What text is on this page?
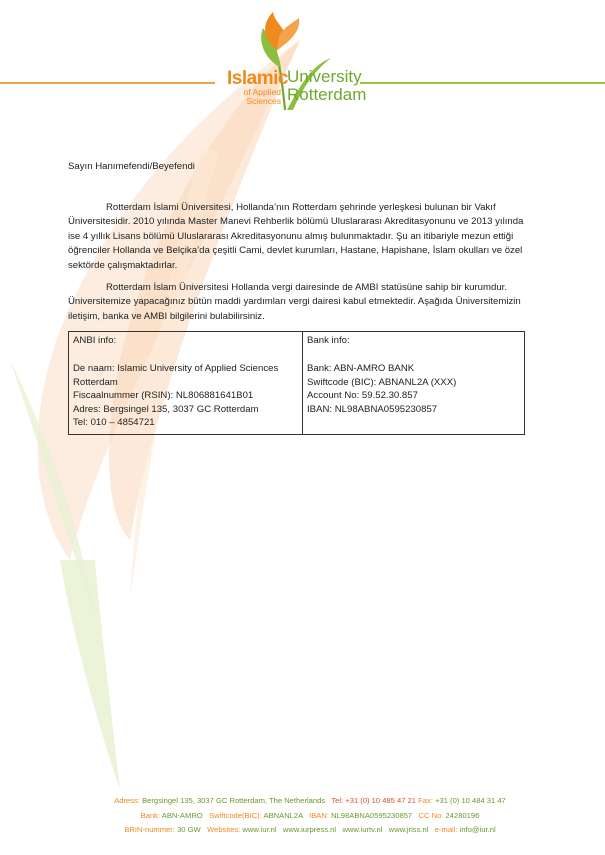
Islamic
of Applied
Sciences
University
Rotterdam

Sayın Hanımefendi/Beyefendi

Rotterdam İslami Üniversitesi, Hollanda’nın Rotterdam şehrinde yerleşkesi bulunan bir Vakıf Üniversitesidir. 2010 yılında Master Manevi Rehberlik bölümü Uluslararası Akreditasyonunu ve 2013 yılında ise 4 yıllık Lisans bölümü Uluslararası Akreditasyonunu almış bulunmaktadır. Şu an itibariyle mezun ettiği öğrenciler Hollanda ve Belçika’da çeşitli Cami, devlet kurumları, Hastane, Hapishane, İslam okulları ve özel sektörde çalışmaktadırlar.

Rotterdam İslam Üniversitesi Hollanda vergi dairesinde de AMBI statüsüne sahip bir kurumdur. Üniversitemize yapacağınız bütün maddi yardımları vergi dairesi kabul etmektedir. Aşağıda Üniversitemizin iletişim, banka ve AMBI bilgilerini bulabilirsiniz.

ANBI info:
De naam: Islamic University of Applied Sciences Rotterdam
Fiscaalnummer (RSIN): NL806881641B01
Adres: Bergsingel 135, 3037 GC Rotterdam
Tel: 010 – 4854721

Bank info:
Bank: ABN-AMRO BANK
Swiftcode (BIC): ABNANL2A (XXX)
Account No: 59.52.30.857
IBAN: NL98ABNA0595230857
Adress: Bergsingel 135, 3037 GC Rotterdam, The Netherlands Tel: +31 (0) 10 485 47 21 Fax: +31 (0) 10 484 31 47
Bank: ABN-AMRO Swiftcode(BIC): ABNANL2A IBAN: NL98ABNA0595230857 CC No: 24280196
BRIN-nummer: 30 GW Websites: www.iur.nl www.iurpress.nl www.iurtv.nl www.jriss.nl e-mail: info@iur.nl
